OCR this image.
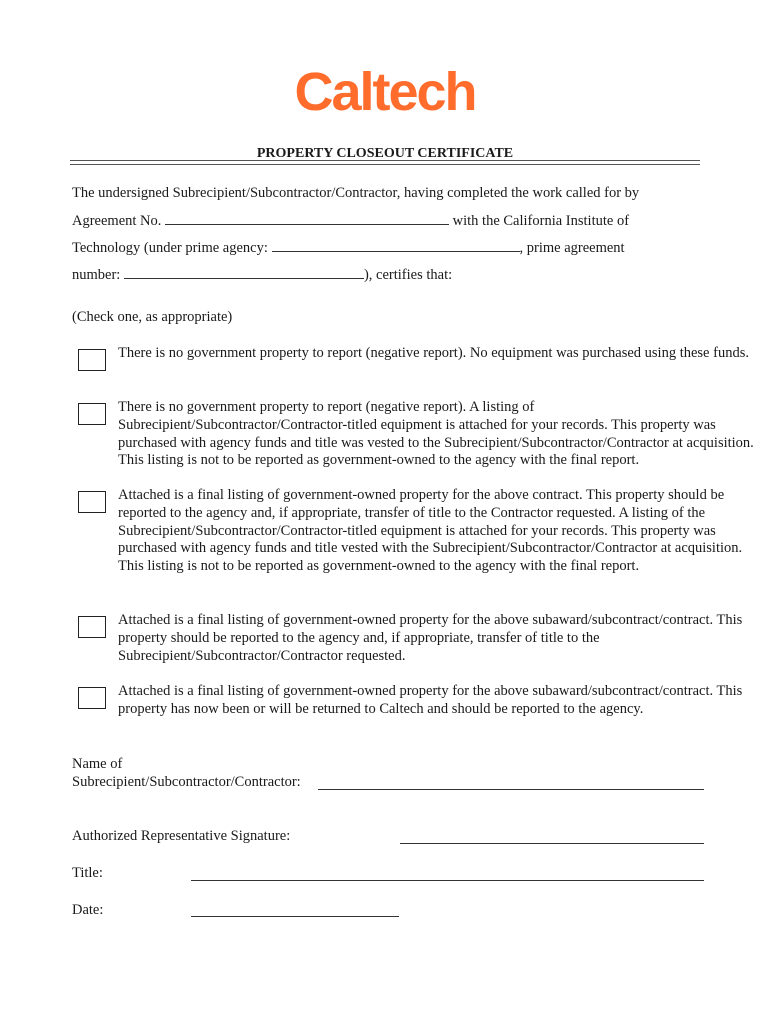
Caltech
PROPERTY CLOSEOUT CERTIFICATE
The undersigned Subrecipient/Subcontractor/Contractor, having completed the work called for by
Agreement No.	with the California Institute of
Technology (under prime agency:	, prime agreement
number:	), certifies that:
(Check one, as appropriate)
There is no government property to report (negative report). No equipment was purchased using these funds.
There is no government property to report (negative report). A listing of Subrecipient/Subcontractor/Contractor-titled equipment is attached for your records. This property was purchased with agency funds and title was vested to the Subrecipient/Subcontractor/Contractor at acquisition. This listing is not to be reported as government-owned to the agency with the final report.
Attached is a final listing of government-owned property for the above contract. This property should be reported to the agency and, if appropriate, transfer of title to the Contractor requested. A listing of the Subrecipient/Subcontractor/Contractor-titled equipment is attached for your records. This property was purchased with agency funds and title vested with the Subrecipient/Subcontractor/Contractor at acquisition. This listing is not to be reported as government-owned to the agency with the final report.
Attached is a final listing of government-owned property for the above subaward/subcontract/contract. This property should be reported to the agency and, if appropriate, transfer of title to the Subrecipient/Subcontractor/Contractor requested.
Attached is a final listing of government-owned property for the above subaward/subcontract/contract. This property has now been or will be returned to Caltech and should be reported to the agency.
Name of
Subrecipient/Subcontractor/Contractor:
Authorized Representative Signature:
Title:
Date:
